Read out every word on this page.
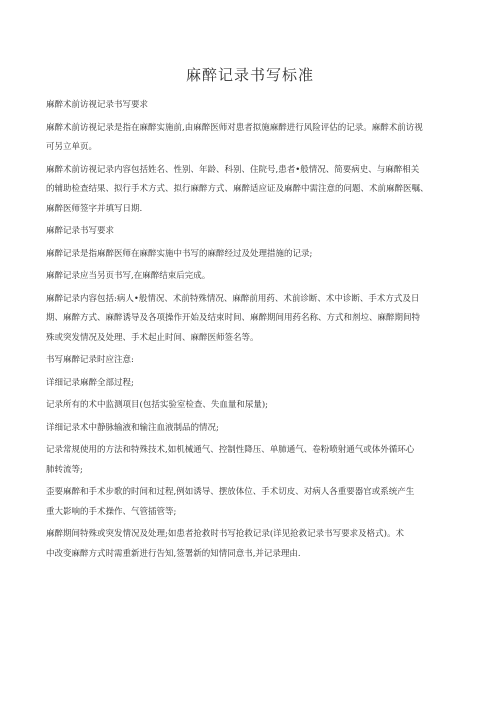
麻醉记录书写标准

麻醉术前访视记录书写要求

麻醉术前访视记录是指在麻醉实施前,由麻醉医师对患者拟施麻醉进行风险评估的记录。麻醉术前访视
可另立单页。

麻醉术前访视记录内容包括姓名、性别、年龄、科别、住院号,患者•般情况、简要病史、与麻醉相关
的辅助检查结果、拟行手术方式、拟行麻醉方式、麻醉适应证及麻醉中需注意的问题、术前麻醉医嘱、
麻醉医师签字并填写日期.

麻醉记录书写要求

麻醉记录是指麻醉医师在麻醉实施中书写的麻醉经过及处理措施的记录;

麻醉记录应当另页书写,在麻醉结束后完成。

麻醉记录内容包括:病人•般情况、术前特殊情况、麻醉前用药、术前诊断、术中诊断、手术方式及日
期、麻醉方式、麻醉诱导及各项操作开始及结束时间、麻醉期间用药名称、方式和剂垃、麻醉期间特
殊或突发情况及处理、手术起止时间、麻醉医师签名等。

书写麻醉记录时应注意:

详细记录麻醉全部过程;

记录所有的术中监测项目(包括实验室检查、失血量和尿量);

详细记录术中静脉输液和输注血液制品的情况;

记录常规使用的方法和特殊技术,如机械通气、控制性降压、单肺通气、卷粉喷射通气或体外循环心
肺转流等;

歪要麻醉和手术步歌的时间和过程,例如诱导、摆放体位、手术切皮、对病人各重要器官或系统产生
重大影响的手术操作、气管插管等;

麻醉期间特殊或突发情况及处理;如患者抢救时书写抢救记录(详见抢救记录书写要求及格式)。术
中改变麻醉方式时需重新进行告知,签署新的知情同意书,并记录理由.
